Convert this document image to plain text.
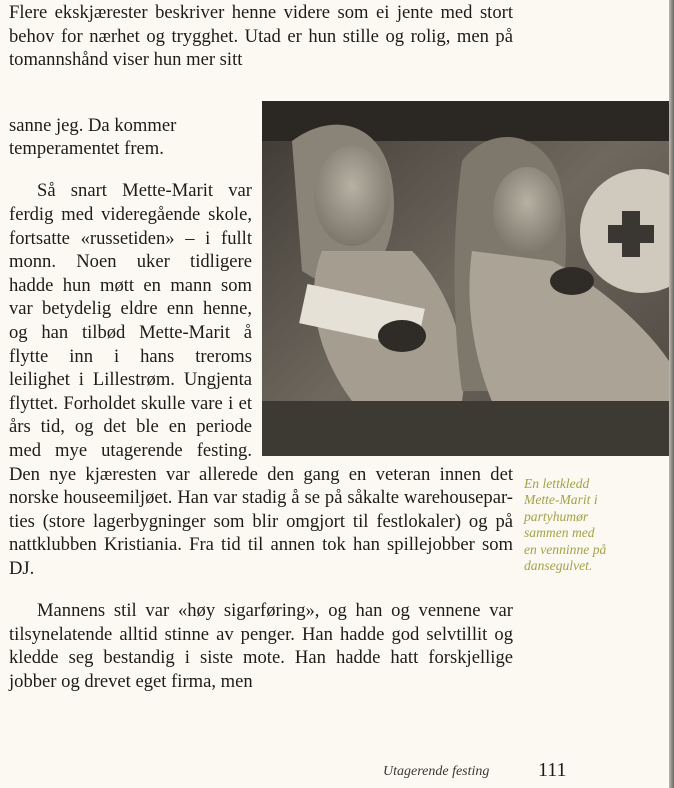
Flere ekskjærester beskriver henne videre som ei jente med stort behov for nærhet og trygghet. Utad er hun stille og rolig, men på tomannshånd viser hun mer sitt

sanne jeg. Da kommer temperamentet frem.

Så snart Mette-Marit var ferdig med videregående skole, fortsatte «russetiden» – i fullt monn. Noen uker tidligere hadde hun møtt en mann som var betydelig eldre enn henne, og han tilbød Mette-Marit å flytte inn i hans treroms leilighet i Lillestrøm. Ungjenta flyttet. Forholdet skulle vare i et års tid, og det ble en periode med mye utagerende festing. Den nye kjæresten var allerede den gang en veteran innen det norske houseemiljøet. Han var stadig å se på såkalte warehousepar-ties (store lagerbygninger som blir omgjort til festlokaler) og på nattklubben Kristiania. Fra tid til annen tok han spillejobber som DJ.

Mannens stil var «høy sigarføring», og han og vennene var tilsynelatende alltid stinne av penger. Han hadde god selvtillit og kledde seg bestandig i siste mote. Han hadde hatt forskjellige jobber og drevet eget firma, men

En lettkledd
Mette-Marit i
partyhumør
sammen med
en venninne på
dansegulvet.
Utagerende festing 111
